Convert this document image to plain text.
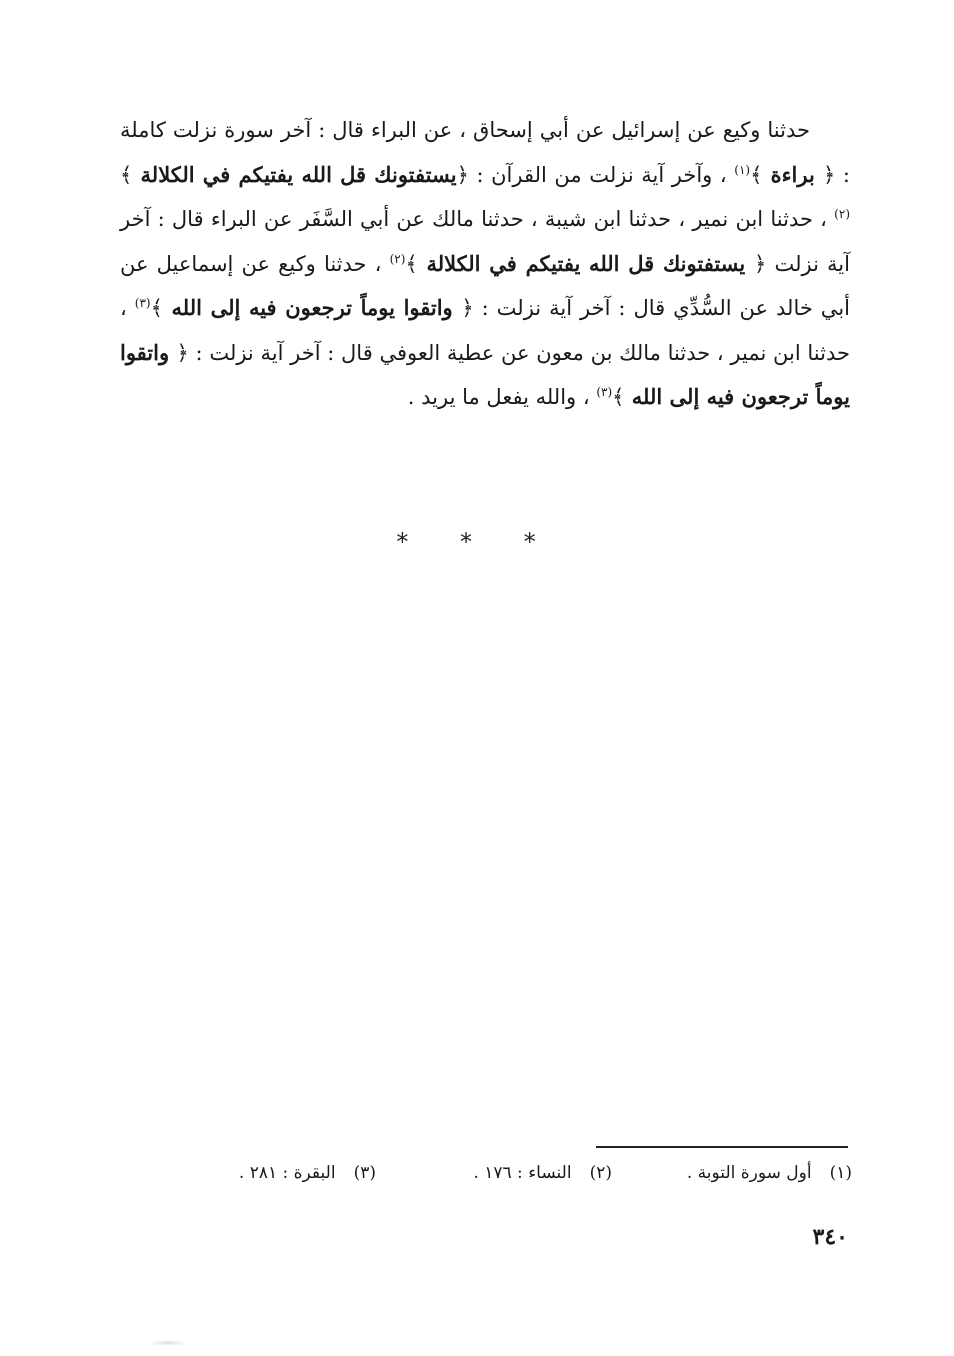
حدثنا وكيع عن إسرائيل عن أبي إسحاق ، عن البراء قال : آخر سورة نزلت كاملة : ﴿ براءة ﴾$^{(١)}$ ، وآخر آية نزلت من القرآن : ﴿يستفتونك قل الله يفتيكم في الكلالة ﴾$^{(٢)}$ ، حدثنا ابن نمير ، حدثنا ابن شيبة ، حدثنا مالك عن أبي السَّفَر عن البراء قال : آخر آية نزلت ﴿ يستفتونك قل الله يفتيكم في الكلالة ﴾$^{(٢)}$ ، حدثنا وكيع عن إسماعيل عن أبي خالد عن السُّدِّي قال : آخر آية نزلت : ﴿ واتقوا يوماً ترجعون فيه إلى الله ﴾$^{(٣)}$ ، حدثنا ابن نمير ، حدثنا مالك بن معون عن عطية العوفي قال : آخر آية نزلت : ﴿ واتقوا يوماً ترجعون فيه إلى الله ﴾$^{(٣)}$ ، والله يفعل ما يريد .

* * *
(١)أول سورة التوبة .
(٢)النساء : ١٧٦ .
(٣)البقرة : ٢٨١ .
٣٤٠
